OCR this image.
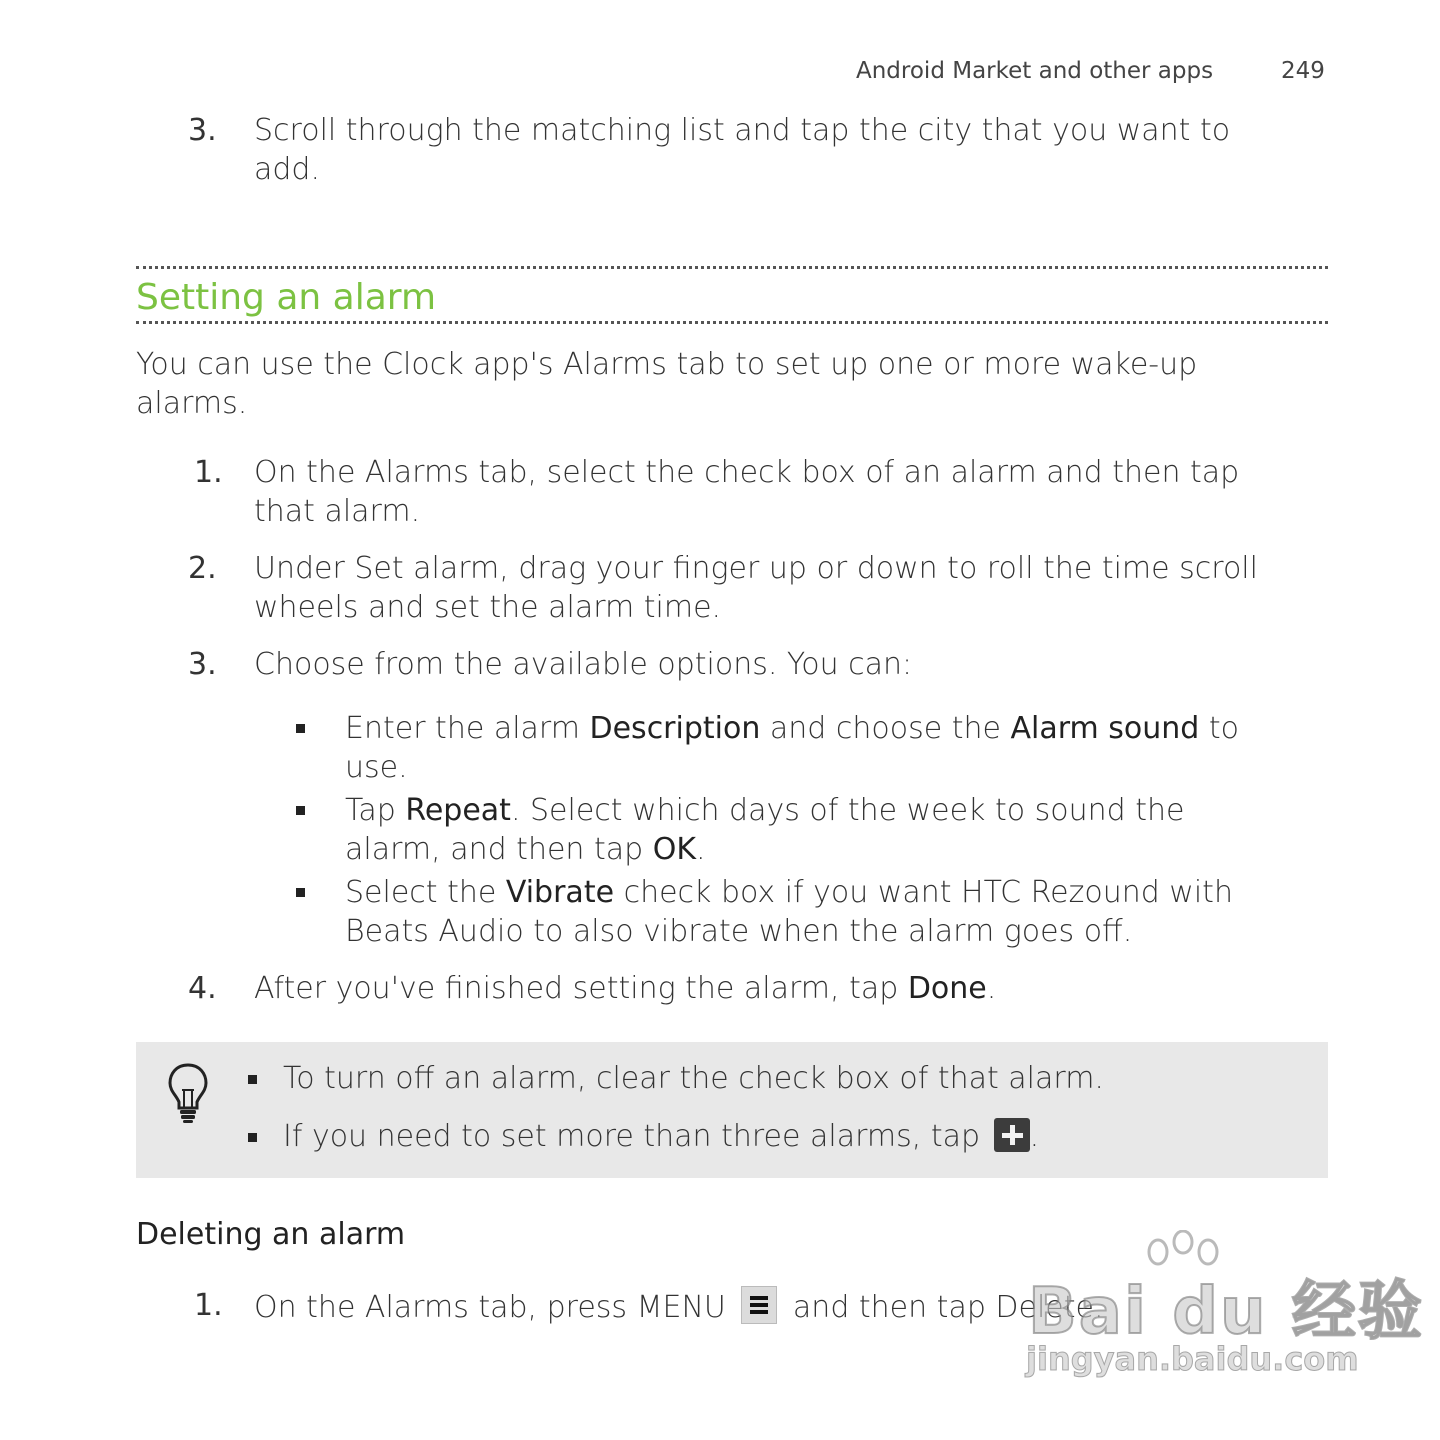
Android Market and other apps	249
3. Scroll through the matching list and tap the city that you want to
add.
Setting an alarm
You can use the Clock app's Alarms tab to set up one or more wake-up
alarms.
1. On the Alarms tab, select the check box of an alarm and then tap
that alarm.
2. Under Set alarm, drag your finger up or down to roll the time scroll
wheels and set the alarm time.
3. Choose from the available options. You can:
Enter the alarm Description and choose the Alarm sound to
use.
Tap Repeat. Select which days of the week to sound the
alarm, and then tap OK.
Select the Vibrate check box if you want HTC Rezound with
Beats Audio to also vibrate when the alarm goes off.
4. After you've finished setting the alarm, tap Done.
To turn off an alarm, clear the check box of that alarm.
If you need to set more than three alarms, tap .
Deleting an alarm
1. On the Alarms tab, press MENU
and then tap Delete.
Bai du 经验
jingyan.baidu.com
